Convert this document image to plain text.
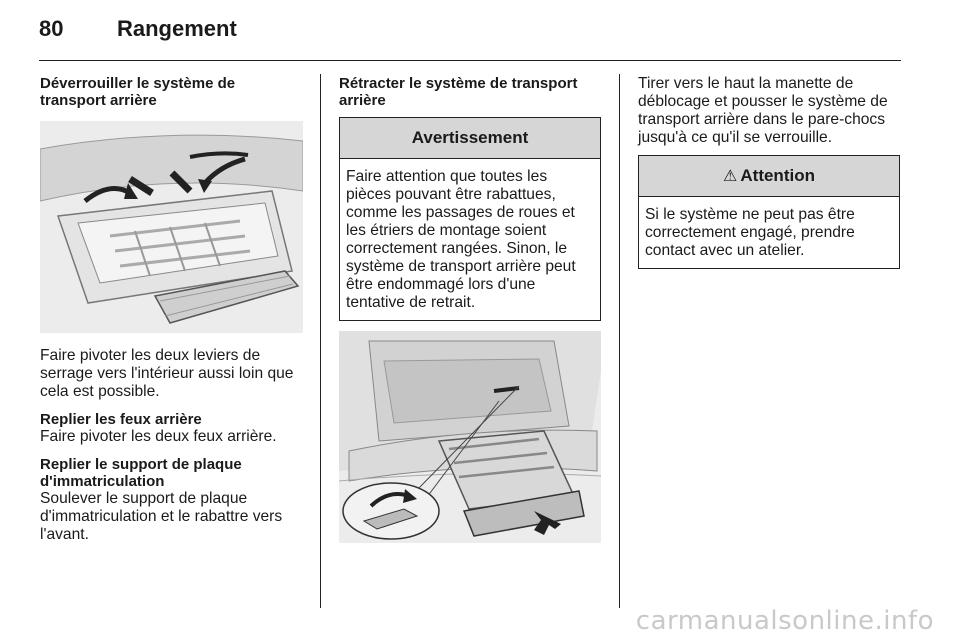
80 Rangement

Déverrouiller le système de transport arrière

Faire pivoter les deux leviers de serrage vers l'intérieur aussi loin que cela est possible.

Replier les feux arrière

Faire pivoter les deux feux arrière.

Replier le support de plaque d'immatriculation

Soulever le support de plaque d'immatriculation et le rabattre vers l'avant.

Rétracter le système de transport arrière

Avertissement
Faire attention que toutes les pièces pouvant être rabattues, comme les passages de roues et les étriers de montage soient correctement rangées. Sinon, le système de transport arrière peut être endommagé lors d'une tentative de retrait.

Tirer vers le haut la manette de déblocage et pousser le système de transport arrière dans le pare-chocs jusqu'à ce qu'il se verrouille.

⚠ Attention
Si le système ne peut pas être correctement engagé, prendre contact avec un atelier.
carmanualsonline.info
